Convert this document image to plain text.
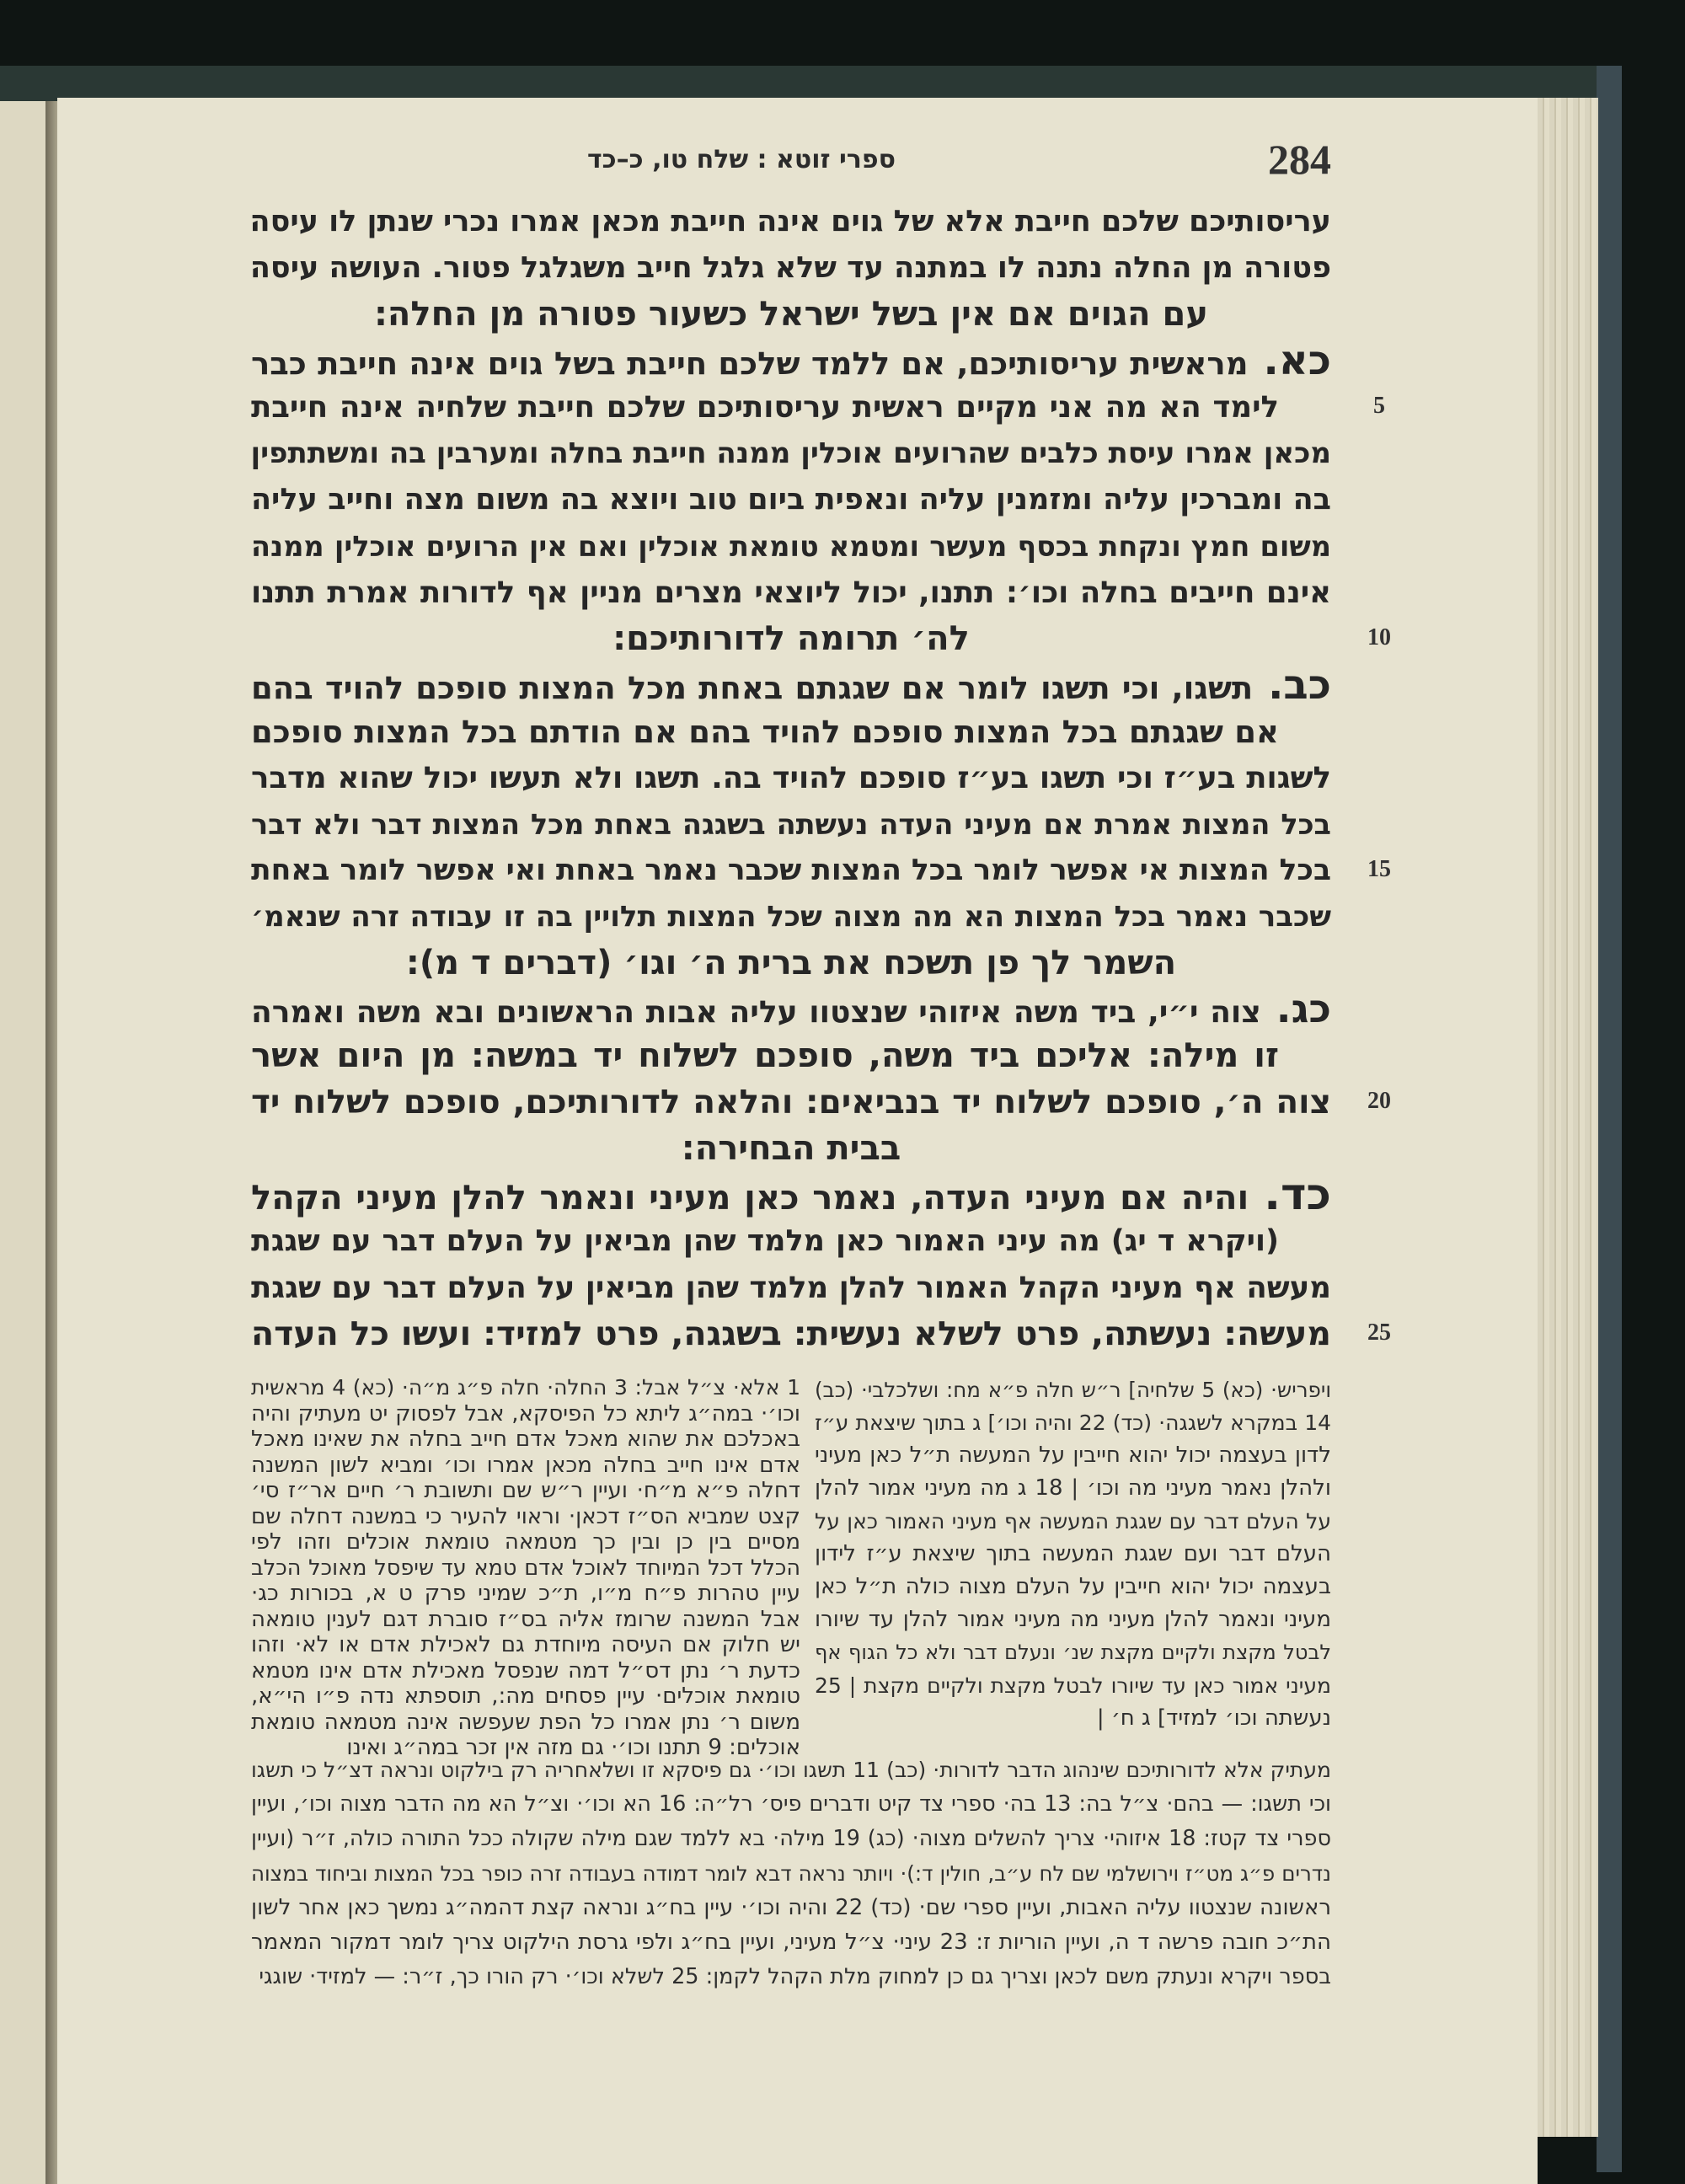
284
ספרי זוטא : שלח טו, כ–כד
עריסותיכם שלכם חייבת אלא של גוים אינה חייבת מכאן אמרו נכרי שנתן לו עיסה
פטורה מן החלה נתנה לו במתנה עד שלא גלגל חייב משגלגל פטור. העושה עיסה
עם הגוים אם אין בשל ישראל כשעור פטורה מן החלה:
כא.מראשית עריסותיכם, אם ללמד שלכם חייבת בשל גוים אינה חייבת כבר
לימד הא מה אני מקיים ראשית עריסותיכם שלכם חייבת שלחיה אינה חייבת	5
מכאן אמרו עיסת כלבים שהרועים אוכלין ממנה חייבת בחלה ומערבין בה ומשתתפין
בה ומברכין עליה ומזמנין עליה ונאפית ביום טוב ויוצא בה משום מצה וחייב עליה
משום חמץ ונקחת בכסף מעשר ומטמא טומאת אוכלין ואם אין הרועים אוכלין ממנה
אינם חייבים בחלה וכו׳: תתנו, יכול ליוצאי מצרים מניין אף לדורות אמרת תתנו
לה׳ תרומה לדורותיכם:	10
כב.תשגו, וכי תשגו לומר אם שגגתם באחת מכל המצות סופכם להויד בהם
אם שגגתם בכל המצות סופכם להויד בהם אם הודתם בכל המצות סופכם
לשגות בע״ז וכי תשגו בע״ז סופכם להויד בה. תשגו ולא תעשו יכול שהוא מדבר
בכל המצות אמרת אם מעיני העדה נעשתה בשגגה באחת מכל המצות דבר ולא דבר
בכל המצות אי אפשר לומר בכל המצות שכבר נאמר באחת ואי אפשר לומר באחת	15
שכבר נאמר בכל המצות הא מה מצוה שכל המצות תלויין בה זו עבודה זרה שנאמ׳
השמר לך פן תשכח את ברית ה׳ וגו׳ (דברים ד מ):
כג.צוה י״י, ביד משה איזוהי שנצטוו עליה אבות הראשונים ובא משה ואמרה
זו מילה: אליכם ביד משה, סופכם לשלוח יד במשה: מן היום אשר
צוה ה׳, סופכם לשלוח יד בנביאים: והלאה לדורותיכם, סופכם לשלוח יד	20
בבית הבחירה:
כד.והיה אם מעיני העדה, נאמר כאן מעיני ונאמר להלן מעיני הקהל
(ויקרא ד יג) מה עיני האמור כאן מלמד שהן מביאין על העלם דבר עם שגגת
מעשה אף מעיני הקהל האמור להלן מלמד שהן מביאין על העלם דבר עם שגגת
מעשה: נעשתה, פרט לשלא נעשית: בשגגה, פרט למזיד: ועשו כל העדה	25
ויפריש· (כא) 5 שלחיה] ר״ש חלה פ״א מח: ושלכלבי· (כב)
14 במקרא לשגגה· (כד) 22 והיה וכו׳] ג בתוך שיצאת ע״ז
לדון בעצמה יכול יהוא חייבין על המעשה ת״ל כאן מעיני
ולהלן נאמר מעיני מה וכו׳ | 18 ג מה מעיני אמור להלן
על העלם דבר עם שגגת המעשה אף מעיני האמור כאן על
העלם דבר ועם שגגת המעשה בתוך שיצאת ע״ז לידון
בעצמה יכול יהוא חייבין על העלם מצוה כולה ת״ל כאן
מעיני ונאמר להלן מעיני מה מעיני אמור להלן עד שיורו
לבטל מקצת ולקיים מקצת שנ׳ ונעלם דבר ולא כל הגוף אף
מעיני אמור כאן עד שיורו לבטל מקצת ולקיים מקצת | 25
נעשתה וכו׳ למזיד] ג ח׳ |
1 אלא· צ״ל אבל: 3 החלה· חלה פ״ג מ״ה· (כא) 4 מראשית
וכו׳· במה״ג ליתא כל הפיסקא, אבל לפסוק יט מעתיק והיה
באכלכם את שהוא מאכל אדם חייב בחלה את שאינו מאכל
אדם אינו חייב בחלה מכאן אמרו וכו׳ ומביא לשון המשנה
דחלה פ״א מ״ח· ועיין ר״ש שם ותשובת ר׳ חיים אר״ז סי׳
קצט שמביא הס״ז דכאן· וראוי להעיר כי במשנה דחלה שם
מסיים בין כן ובין כך מטמאה טומאת אוכלים וזהו לפי
הכלל דכל המיוחד לאוכל אדם טמא עד שיפסל מאוכל הכלב
עיין טהרות פ״ח מ״ו, ת״כ שמיני פרק ט א, בכורות כג·
אבל המשנה שרומז אליה בס״ז סוברת דגם לענין טומאה
יש חלוק אם העיסה מיוחדת גם לאכילת אדם או לא· וזהו
כדעת ר׳ נתן דס״ל דמה שנפסל מאכילת אדם אינו מטמא
טומאת אוכלים· עיין פסחים מה:, תוספתא נדה פ״ו הי״א,
משום ר׳ נתן אמרו כל הפת שעפשה אינה מטמאה טומאת
אוכלים: 9 תתנו וכו׳· גם מזה אין זכר במה״ג ואינו
מעתיק אלא לדורותיכם שינהוג הדבר לדורות· (כב) 11 תשגו וכו׳· גם פיסקא זו ושלאחריה רק בילקוט ונראה דצ״ל כי תשגו
וכי תשגו: — בהם· צ״ל בה: 13 בה· ספרי צד קיט ודברים פיס׳ רל״ה: 16 הא וכו׳· וצ״ל הא מה הדבר מצוה וכו׳, ועיין
ספרי צד קטז: 18 איזוהי· צריך להשלים מצוה· (כג) 19 מילה· בא ללמד שגם מילה שקולה ככל התורה כולה, ז״ר (ועיין
נדרים פ״ג מט״ז וירושלמי שם לח ע״ב, חולין ד:)· ויותר נראה דבא לומר דמודה בעבודה זרה כופר בכל המצות וביחוד במצוה
ראשונה שנצטוו עליה האבות, ועיין ספרי שם· (כד) 22 והיה וכו׳· עיין בח״ג ונראה קצת דהמה״ג נמשך כאן אחר לשון
הת״כ חובה פרשה ד ה, ועיין הוריות ז: 23 עיני· צ״ל מעיני, ועיין בח״ג ולפי גרסת הילקוט צריך לומר דמקור המאמר
בספר ויקרא ונעתק משם לכאן וצריך גם כן למחוק מלת הקהל לקמן: 25 לשלא וכו׳· רק הורו כך, ז״ר: — למזיד· שוגגי
